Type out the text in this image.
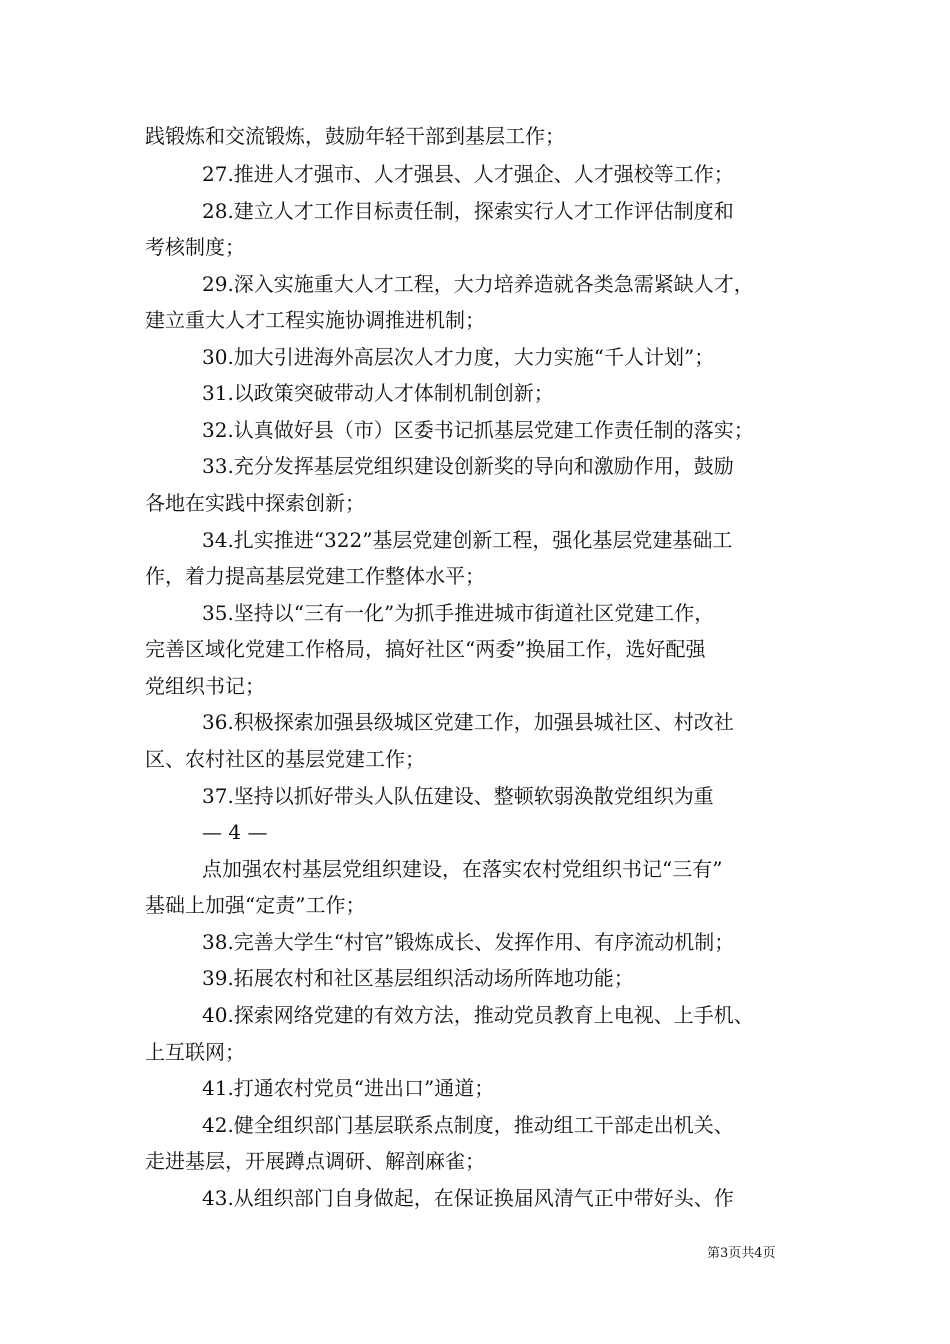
践锻炼和交流锻炼，鼓励年轻干部到基层工作；
27.推进人才强市、人才强县、人才强企、人才强校等工作；
28.建立人才工作目标责任制，探索实行人才工作评估制度和
考核制度；
29.深入实施重大人才工程，大力培养造就各类急需紧缺人才，
建立重大人才工程实施协调推进机制；
30.加大引进海外高层次人才力度，大力实施“千人计划”；
31.以政策突破带动人才体制机制创新；
32.认真做好县（市）区委书记抓基层党建工作责任制的落实；
33.充分发挥基层党组织建设创新奖的导向和激励作用，鼓励
各地在实践中探索创新；
34.扎实推进“322”基层党建创新工程，强化基层党建基础工
作，着力提高基层党建工作整体水平；
35.坚持以“三有一化”为抓手推进城市街道社区党建工作，
完善区域化党建工作格局，搞好社区“两委”换届工作，选好配强
党组织书记；
36.积极探索加强县级城区党建工作，加强县城社区、村改社
区、农村社区的基层党建工作；
37.坚持以抓好带头人队伍建设、整顿软弱涣散党组织为重
— 4 —
点加强农村基层党组织建设，在落实农村党组织书记“三有”
基础上加强“定责”工作；
38.完善大学生“村官”锻炼成长、发挥作用、有序流动机制；
39.拓展农村和社区基层组织活动场所阵地功能；
40.探索网络党建的有效方法，推动党员教育上电视、上手机、
上互联网；
41.打通农村党员“进出口”通道；
42.健全组织部门基层联系点制度，推动组工干部走出机关、
走进基层，开展蹲点调研、解剖麻雀；
43.从组织部门自身做起，在保证换届风清气正中带好头、作
第3页共4页
